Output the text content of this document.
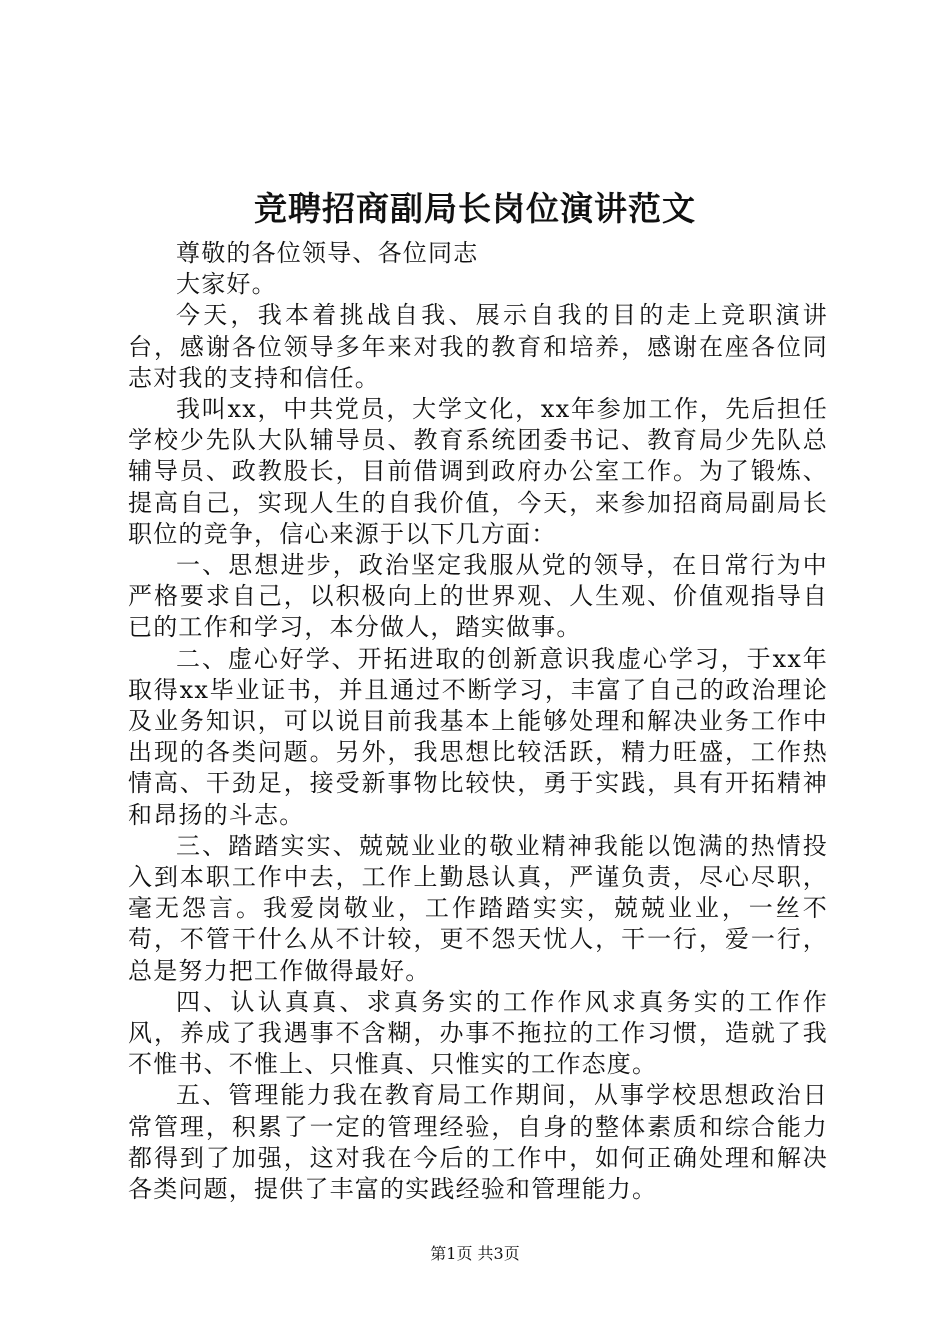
竞聘招商副局长岗位演讲范文

尊敬的各位领导、各位同志

大家好。

今天，我本着挑战自我、展示自我的目的走上竞职演讲台，感谢各位领导多年来对我的教育和培养，感谢在座各位同志对我的支持和信任。

我叫xx，中共党员，大学文化，xx年参加工作，先后担任学校少先队大队辅导员、教育系统团委书记、教育局少先队总辅导员、政教股长，目前借调到政府办公室工作。为了锻炼、提高自己，实现人生的自我价值，今天，来参加招商局副局长职位的竞争，信心来源于以下几方面：

一、思想进步，政治坚定我服从党的领导，在日常行为中严格要求自己，以积极向上的世界观、人生观、价值观指导自已的工作和学习，本分做人，踏实做事。

二、虚心好学、开拓进取的创新意识我虚心学习，于xx年取得xx毕业证书，并且通过不断学习，丰富了自己的政治理论及业务知识，可以说目前我基本上能够处理和解决业务工作中出现的各类问题。另外，我思想比较活跃，精力旺盛，工作热情高、干劲足，接受新事物比较快，勇于实践，具有开拓精神和昂扬的斗志。

三、踏踏实实、兢兢业业的敬业精神我能以饱满的热情投入到本职工作中去，工作上勤恳认真，严谨负责，尽心尽职，毫无怨言。我爱岗敬业，工作踏踏实实，兢兢业业，一丝不苟，不管干什么从不计较，更不怨天忧人，干一行，爱一行，总是努力把工作做得最好。

四、认认真真、求真务实的工作作风求真务实的工作作风，养成了我遇事不含糊，办事不拖拉的工作习惯，造就了我不惟书、不惟上、只惟真、只惟实的工作态度。

五、管理能力我在教育局工作期间，从事学校思想政治日常管理，积累了一定的管理经验，自身的整体素质和综合能力都得到了加强，这对我在今后的工作中，如何正确处理和解决各类问题，提供了丰富的实践经验和管理能力。

第1页 共3页
